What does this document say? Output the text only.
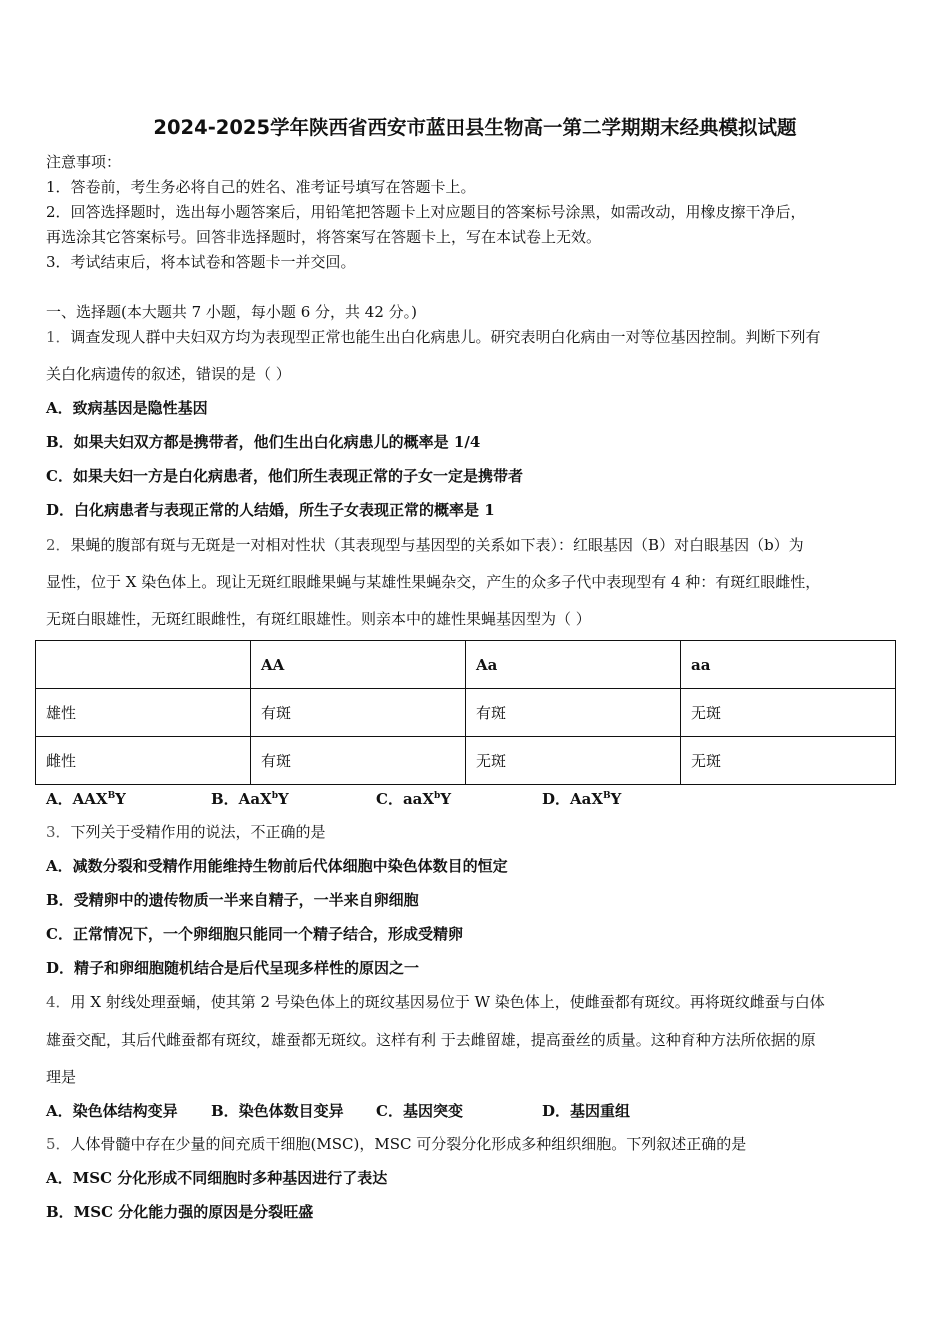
2024-2025学年陕西省西安市蓝田县生物高一第二学期期末经典模拟试题
注意事项：
1．答卷前，考生务必将自己的姓名、准考证号填写在答题卡上。
2．回答选择题时，选出每小题答案后，用铅笔把答题卡上对应题目的答案标号涂黑，如需改动，用橡皮擦干净后，
再选涂其它答案标号。回答非选择题时，将答案写在答题卡上，写在本试卷上无效。
3．考试结束后，将本试卷和答题卡一并交回。
一、选择题(本大题共 7 小题，每小题 6 分，共 42 分。)
1．调查发现人群中夫妇双方均为表现型正常也能生出白化病患儿。研究表明白化病由一对等位基因控制。判断下列有
关白化病遗传的叙述，错误的是（ ）
A．致病基因是隐性基因
B．如果夫妇双方都是携带者，他们生出白化病患儿的概率是 1/4
C．如果夫妇一方是白化病患者，他们所生表现正常的子女一定是携带者
D．白化病患者与表现正常的人结婚，所生子女表现正常的概率是 1
2．果蝇的腹部有斑与无斑是一对相对性状（其表现型与基因型的关系如下表）：红眼基因（B）对白眼基因（b）为
显性，位于 X 染色体上。现让无斑红眼雌果蝇与某雄性果蝇杂交，产生的众多子代中表现型有 4 种：有斑红眼雌性，
无斑白眼雄性，无斑红眼雌性，有斑红眼雄性。则亲本中的雄性果蝇基因型为（ ）
	AA	Aa	aa
雄性	有斑	有斑	无斑
雌性	有斑	无斑	无斑
A．$AAX^BY$	B．AaX$^b$Y	C．aaX$^b$Y	D．AaX$^B$Y
3．下列关于受精作用的说法，不正确的是
A．减数分裂和受精作用能维持生物前后代体细胞中染色体数目的恒定
B．受精卵中的遗传物质一半来自精子，一半来自卵细胞
C．正常情况下，一个卵细胞只能同一个精子结合，形成受精卵
D．精子和卵细胞随机结合是后代呈现多样性的原因之一
4．用 X 射线处理蚕蛹，使其第 2 号染色体上的斑纹基因易位于 W 染色体上，使雌蚕都有斑纹。再将斑纹雌蚕与白体
雄蚕交配，其后代雌蚕都有斑纹，雄蚕都无斑纹。这样有利 于去雌留雄，提高蚕丝的质量。这种育种方法所依据的原
理是
A．染色体结构变异 B．染色体数目变异 C．基因突变	D．基因重组
5．人体骨髓中存在少量的间充质干细胞(MSC)，MSC 可分裂分化形成多种组织细胞。下列叙述正确的是
A．MSC 分化形成不同细胞时多种基因进行了表达
B．MSC 分化能力强的原因是分裂旺盛
